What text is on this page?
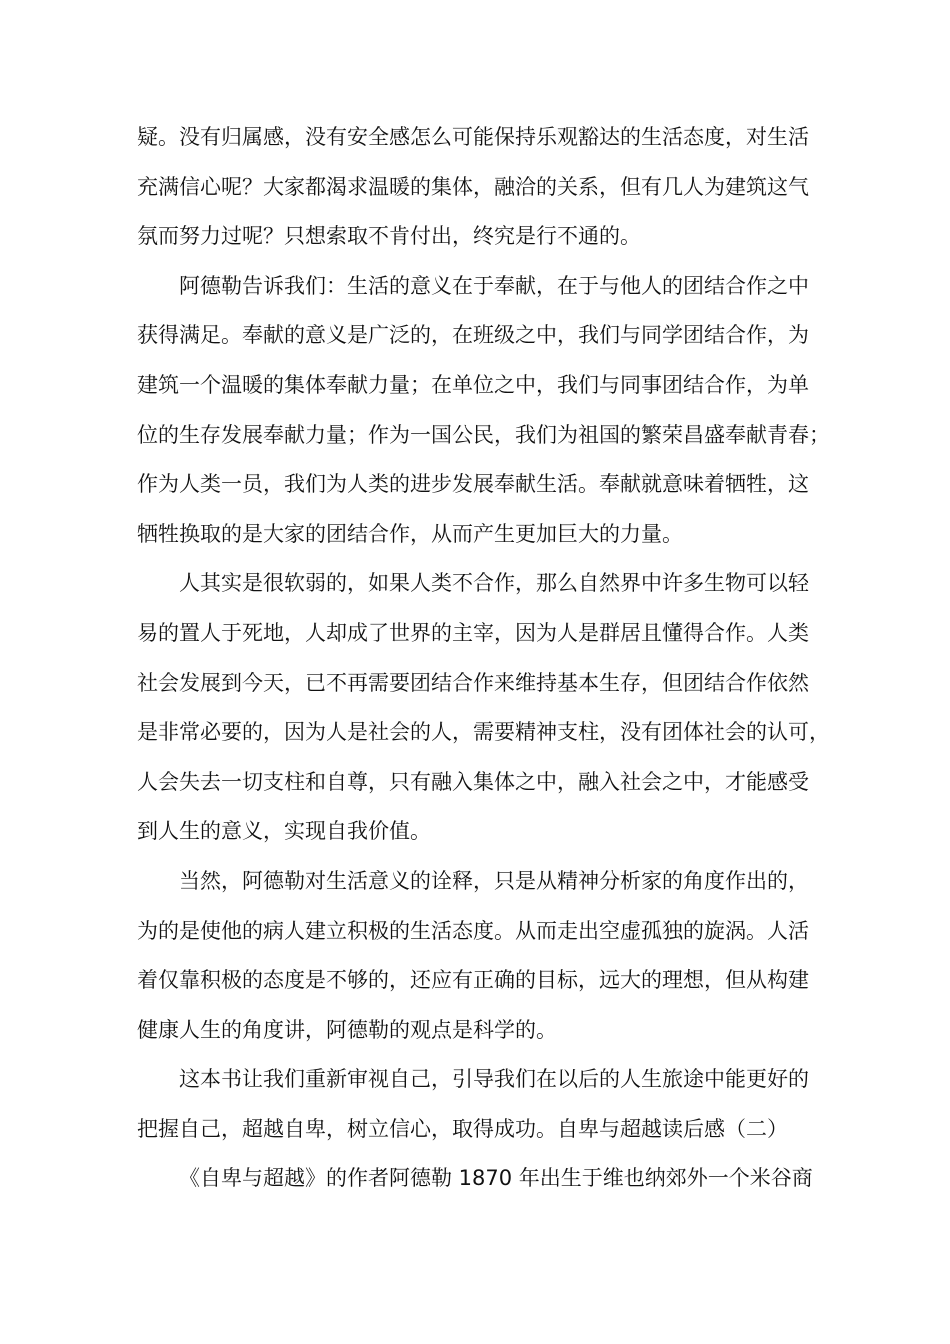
疑。没有归属感，没有安全感怎么可能保持乐观豁达的生活态度，对生活
充满信心呢？大家都渴求温暖的集体，融洽的关系，但有几人为建筑这气
氛而努力过呢？只想索取不肯付出，终究是行不通的。
阿德勒告诉我们：生活的意义在于奉献，在于与他人的团结合作之中
获得满足。奉献的意义是广泛的，在班级之中，我们与同学团结合作，为
建筑一个温暖的集体奉献力量；在单位之中，我们与同事团结合作，为单
位的生存发展奉献力量；作为一国公民，我们为祖国的繁荣昌盛奉献青春；
作为人类一员，我们为人类的进步发展奉献生活。奉献就意味着牺牲，这
牺牲换取的是大家的团结合作，从而产生更加巨大的力量。
人其实是很软弱的，如果人类不合作，那么自然界中许多生物可以轻
易的置人于死地，人却成了世界的主宰，因为人是群居且懂得合作。人类
社会发展到今天，已不再需要团结合作来维持基本生存，但团结合作依然
是非常必要的，因为人是社会的人，需要精神支柱，没有团体社会的认可，
人会失去一切支柱和自尊，只有融入集体之中，融入社会之中，才能感受
到人生的意义，实现自我价值。
当然，阿德勒对生活意义的诠释，只是从精神分析家的角度作出的，
为的是使他的病人建立积极的生活态度。从而走出空虚孤独的旋涡。人活
着仅靠积极的态度是不够的，还应有正确的目标，远大的理想，但从构建
健康人生的角度讲，阿德勒的观点是科学的。
这本书让我们重新审视自己，引导我们在以后的人生旅途中能更好的
把握自己，超越自卑，树立信心，取得成功。自卑与超越读后感（二）
《自卑与超越》的作者阿德勒 1870 年出生于维也纳郊外一个米谷商
